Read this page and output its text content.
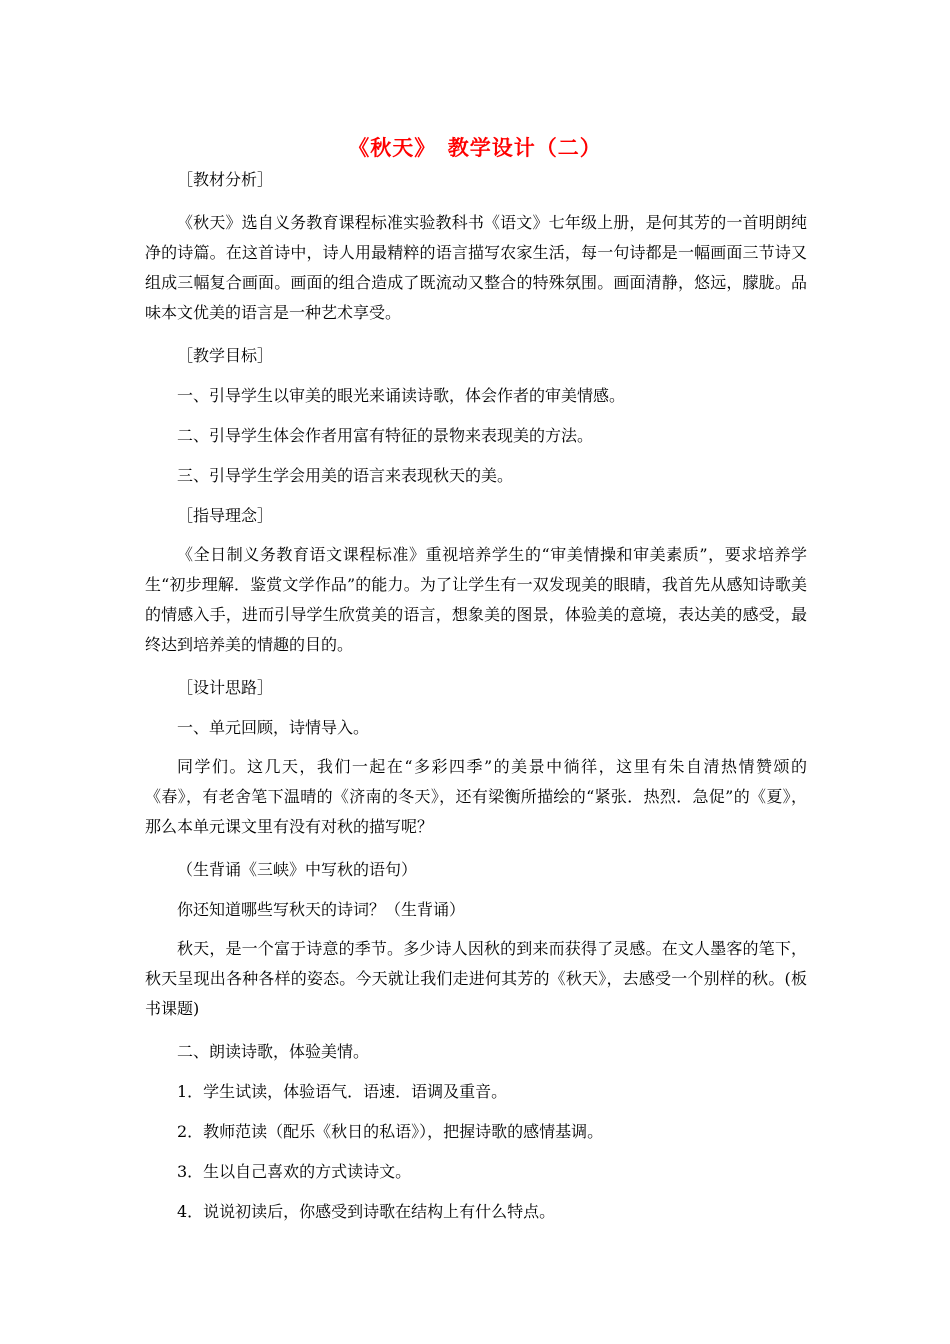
《秋天》　教学设计（二）
［教材分析］

《秋天》选自义务教育课程标准实验教科书《语文》七年级上册，是何其芳的一首明朗纯净的诗篇。在这首诗中，诗人用最精粹的语言描写农家生活，每一句诗都是一幅画面三节诗又组成三幅复合画面。画面的组合造成了既流动又整合的特殊氛围。画面清静，悠远，朦胧。品味本文优美的语言是一种艺术享受。

［教学目标］
一、引导学生以审美的眼光来诵读诗歌，体会作者的审美情感。
二、引导学生体会作者用富有特征的景物来表现美的方法。
三、引导学生学会用美的语言来表现秋天的美。
［指导理念］

《全日制义务教育语文课程标准》重视培养学生的“审美情操和审美素质”，要求培养学生“初步理解．鉴赏文学作品”的能力。为了让学生有一双发现美的眼睛，我首先从感知诗歌美的情感入手，进而引导学生欣赏美的语言，想象美的图景，体验美的意境，表达美的感受，最终达到培养美的情趣的目的。

［设计思路］
一、单元回顾，诗情导入。

同学们。这几天，我们一起在“多彩四季”的美景中徜徉，这里有朱自清热情赞颂的《春》，有老舍笔下温晴的《济南的冬天》，还有梁衡所描绘的“紧张．热烈．急促”的《夏》，那么本单元课文里有没有对秋的描写呢？

（生背诵《三峡》中写秋的语句）
你还知道哪些写秋天的诗词？（生背诵）

秋天，是一个富于诗意的季节。多少诗人因秋的到来而获得了灵感。在文人墨客的笔下，秋天呈现出各种各样的姿态。今天就让我们走进何其芳的《秋天》，去感受一个别样的秋。(板书课题)

二、朗读诗歌，体验美情。
1．学生试读，体验语气．语速．语调及重音。
2．教师范读（配乐《秋日的私语》），把握诗歌的感情基调。
3．生以自己喜欢的方式读诗文。
4．说说初读后，你感受到诗歌在结构上有什么特点。
